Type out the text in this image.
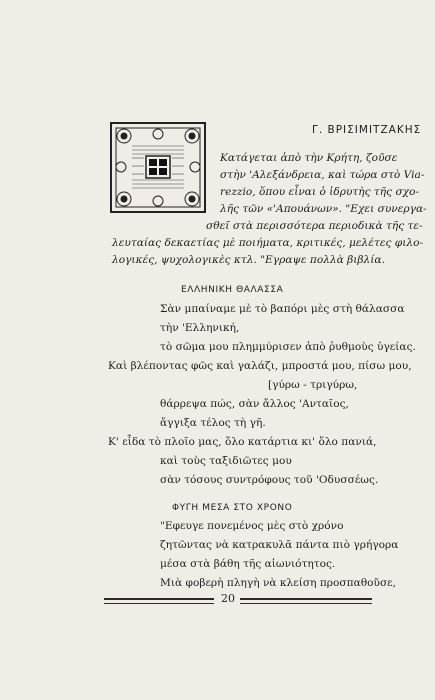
Γ. ΒΡΙΣΙΜΙΤΖΑΚΗΣ
Κατάγεται ἀπὸ τὴν Κρήτη, ζοῦσε
στὴν 'Αλεξάνδρεια, καὶ τώρα στὸ Via-
rezzio, ὅπου εἶναι ὁ ἱδρυτὴς τῆς σχο-
λῆς τῶν «'Απουάνων». "Εχει συνεργα-
σθεῖ στὰ περισσότερα περιοδικὰ τῆς τε-
λευταίας δεκαετίας μὲ ποιήματα, κριτικές, μελέτες φιλο-
λογικές, ψυχολογικὲς κτλ. "Εγραψε πολλὰ βιβλία.
ΕΛΛΗΝΙΚΗ ΘΑΛΑΣΣΑ
Σὰν μπαίναμε μὲ τὸ βαπόρι μὲς στὴ θάλασσα
τὴν 'Ελληνική,
τὸ σῶμα μου πλημμύρισεν ἀπὸ ῥυθμοὺς ὑγείας.
Καὶ βλέποντας φῶς καὶ γαλάζι, μπροστά μου, πίσω μου,
[γύρω - τριγύρω,
θάρρεψα πώς, σὰν ἄλλος 'Ανταῖος,
ἄγγιξα τέλος τὴ γῆ.
Κ' εἶδα τὸ πλοῖο μας, ὅλο κατάρτια κι' ὅλο πανιά,
καὶ τοὺς ταξιδιῶτες μου
σὰν τόσους συντρόφους τοῦ 'Οδυσσέως.
ΦΥΓΗ ΜΕΣΑ ΣΤΟ ΧΡΟΝΟ
"Εφευγε πονεμένος μὲς στὸ χρόνο
ζητῶντας νὰ κατρακυλᾶ πάντα πιὸ γρήγορα
μέσα στὰ βάθη τῆς αἰωνιότητος.
Μιὰ φοβερὴ πληγὴ νὰ κλείση προσπαθοῦσε,
20
